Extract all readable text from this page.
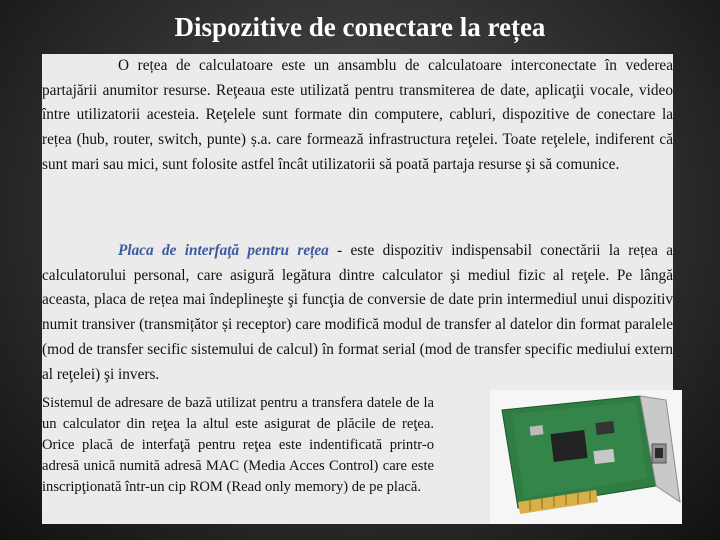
Dispozitive de conectare la rețea

O rețea de calculatoare este un ansamblu de calculatoare interconectate în vederea partajării anumitor resurse. Reţeaua este utilizată pentru transmiterea de date, aplicaţii vocale, video între utilizatorii acesteia. Reţelele sunt formate din computere, cabluri, dispozitive de conectare la rețea (hub, router, switch, punte) ș.a. care formează infrastructura reţelei. Toate reţelele, indiferent că sunt mari sau mici, sunt folosite astfel încât utilizatorii să poată partaja resurse şi să comunice.

Placa de interfaţă pentru rețea - este dispozitiv indispensabil conectării la rețea a calculatorului personal, care asigură legătura dintre calculator şi mediul fizic al reţele. Pe lângă aceasta, placa de rețea mai îndeplineşte şi funcţia de conversie de date prin intermediul unui dispozitiv numit transiver (transmițător și receptor) care modifică modul de transfer al datelor din format paralele (mod de transfer secific sistemului de calcul) în format serial (mod de transfer specific mediului extern al reţelei) şi invers.

Sistemul de adresare de bază utilizat pentru a transfera datele de la un calculator din reţea la altul este asigurat de plăcile de reţea. Orice placă de interfaţă pentru reţea este indentificată printr-o adresă unică numită adresă MAC (Media Acces Control) care este inscripţionată într-un cip ROM (Read only memory) de pe placă.
